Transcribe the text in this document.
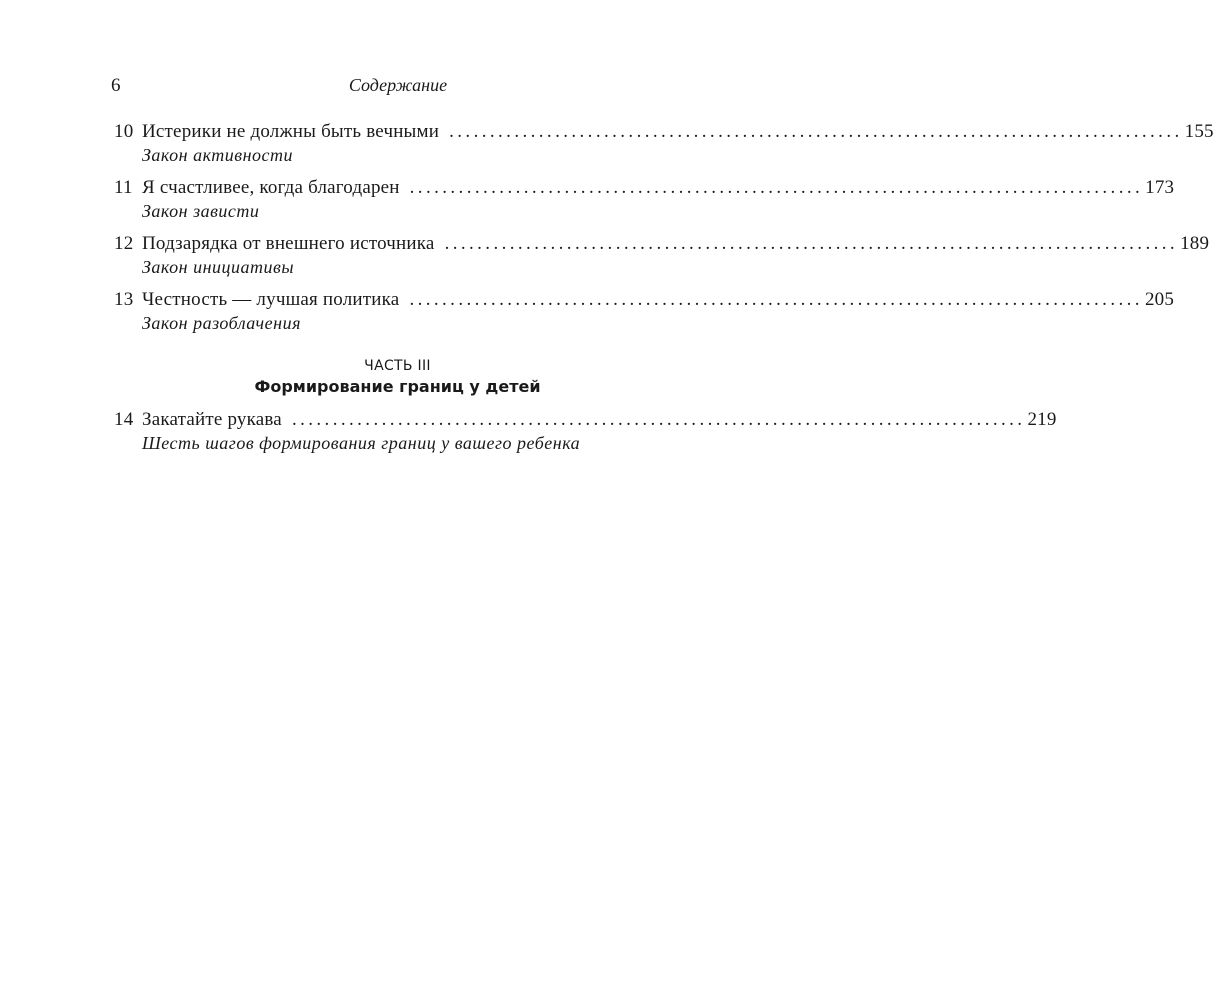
6	Содержание
10 Истерики не должны быть вечными .......................................................................................... 155
Закон активности
11 Я счастливее, когда благодарен .......................................................................................... 173
Закон зависти
12 Подзарядка от внешнего источника .......................................................................................... 189
Закон инициативы
13 Честность — лучшая политика .......................................................................................... 205
Закон разоблачения
ЧАСТЬ III
Формирование границ у детей
14 Закатайте рукава .......................................................................................... 219
Шесть шагов формирования границ у вашего ребенка
